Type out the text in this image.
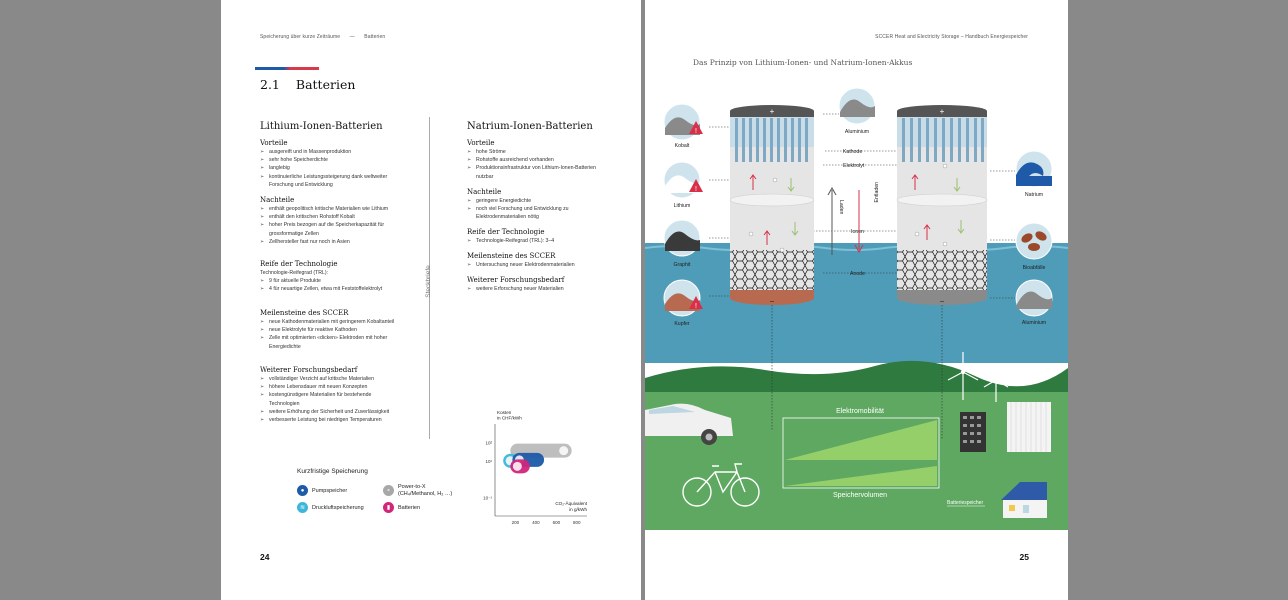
Speicherung über kurze Zeiträume — Batterien
2.1 Batterien
Lithium-Ionen-Batterien
Vorteile
➢ ausgereift und in Massenproduktion
➢ sehr hohe Speicherdichte
➢ langlebig
➢ kontinuierliche Leistungssteigerung dank weltweiter Forschung und Entwicklung
Nachteile
➢ enthält geopolitisch kritische Materialien wie Lithium
➢ enthält den kritischen Rohstoff Kobalt
➢ hoher Preis bezogen auf die Speicherkapazität für grossformatige Zellen
➢ Zellhersteller fast nur noch in Asien
Reife der Technologie
Technologie-Reifegrad (TRL):
➢ 9 für aktuelle Produkte
➢ 4 für neuartige Zellen, etwa mit Feststoffelektrolyt
Meilensteine des SCCER
➢ neue Kathodenmaterialien mit geringerem Kobaltanteil
➢ neue Elektrolyte für reaktive Kathoden
➢ Zelle mit optimierten «dicken» Elektroden mit hoher Energiedichte
Weiterer Forschungsbedarf
➢ vollständiger Verzicht auf kritische Materialien
➢ höhere Lebensdauer mit neuen Konzepten
➢ kostengünstigere Materialien für bestehende Technologien
➢ weitere Erhöhung der Sicherheit und Zuverlässigkeit
➢ verbesserte Leistung bei niedrigen Temperaturen
Steckbriefe
Natrium-Ionen-Batterien
Vorteile
➢ hohe Ströme
➢ Rohstoffe ausreichend vorhanden
➢ Produktionsinfrastruktur von Lithium-Ionen-Batterien nutzbar
Nachteile
➢ geringere Energiedichte
➢ noch viel Forschung und Entwicklung zu Elektrodenmaterialien nötig
Reife der Technologie
➢ Technologie-Reifegrad (TRL): 3–4
Meilensteine des SCCER
➢ Untersuchung neuer Elektrodenmaterialien
Weiterer Forschungsbedarf
➢ weitere Erforschung neuer Materialien
Kurzfristige Speicherung
●	Pumpspeicher	∘
Power-to-X
(CH₄/Methanol, H₂ …)
≋	Druckluftspeicherung	▮	Batterien
Kosten
in CHF/kWh
10²
10¹
10⁻¹
200	400	600	800
CO₂-Äquivalent
in g/kWh
24
SCCER Heat and Electricity Storage – Handbuch Energiespeicher
Das Prinzip von Lithium-Ionen- und Natrium-Ionen-Akkus
+
−
Laden
Entladen
+
−
Kathode
Elektrolyt
Ionen
Anode
!
Kobalt
!
Lithium
Graphit
!
Kupfer
Aluminium
Natrium
Bioabfälle
Aluminium
Elektromobilität
Speichervolumen
Batteriespeicher
25
